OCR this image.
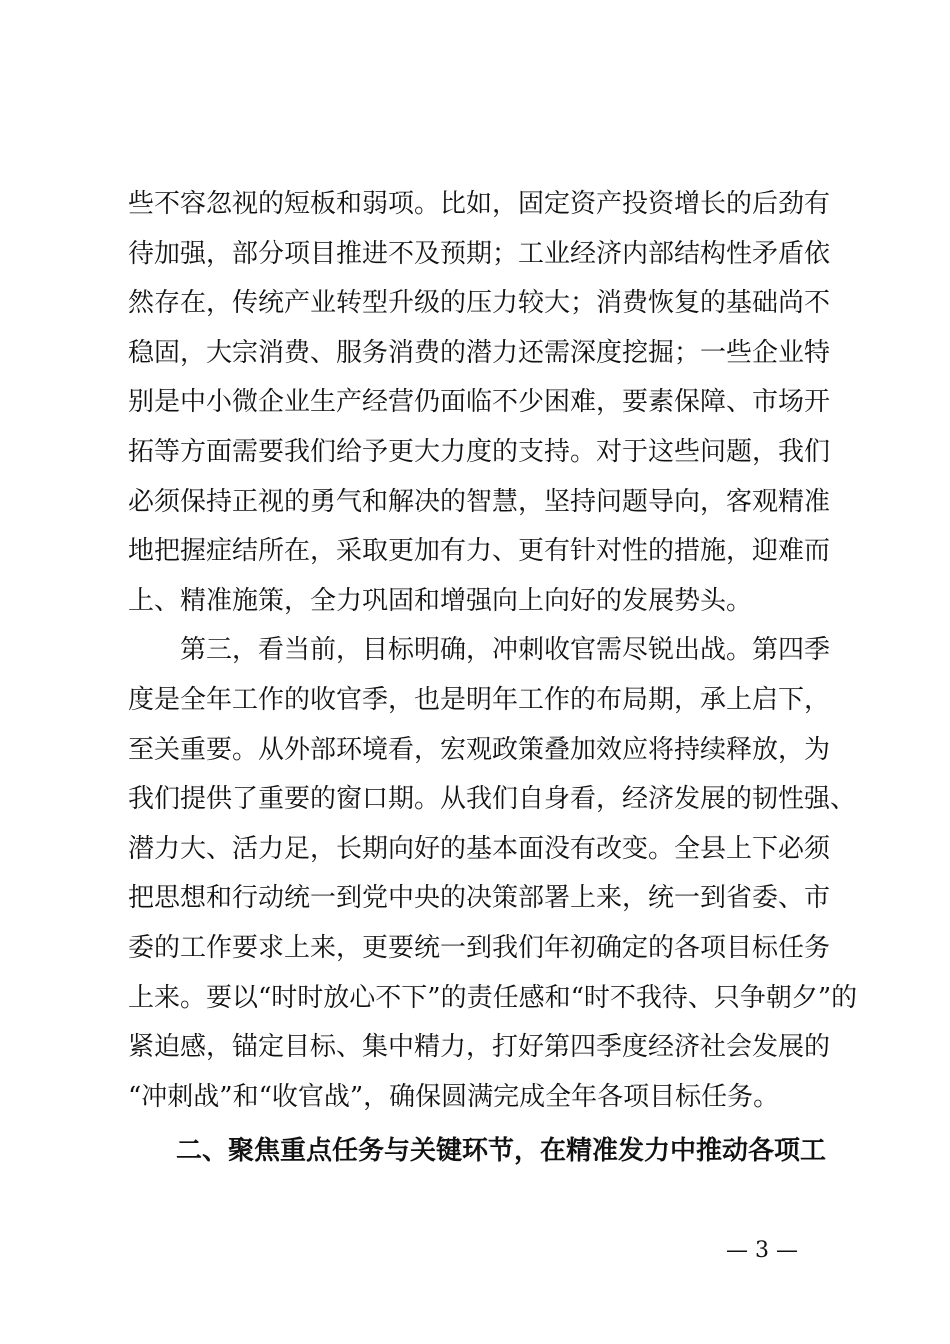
些不容忽视的短板和弱项。比如，固定资产投资增长的后劲有
待加强，部分项目推进不及预期；工业经济内部结构性矛盾依
然存在，传统产业转型升级的压力较大；消费恢复的基础尚不
稳固，大宗消费、服务消费的潜力还需深度挖掘；一些企业特
别是中小微企业生产经营仍面临不少困难，要素保障、市场开
拓等方面需要我们给予更大力度的支持。对于这些问题，我们
必须保持正视的勇气和解决的智慧，坚持问题导向，客观精准
地把握症结所在，采取更加有力、更有针对性的措施，迎难而
上、精准施策，全力巩固和增强向上向好的发展势头。
　　第三，看当前，目标明确，冲刺收官需尽锐出战。第四季
度是全年工作的收官季，也是明年工作的布局期，承上启下，
至关重要。从外部环境看，宏观政策叠加效应将持续释放，为
我们提供了重要的窗口期。从我们自身看，经济发展的韧性强、
潜力大、活力足，长期向好的基本面没有改变。全县上下必须
把思想和行动统一到党中央的决策部署上来，统一到省委、市
委的工作要求上来，更要统一到我们年初确定的各项目标任务
上来。要以“时时放心不下”的责任感和“时不我待、只争朝夕”的
紧迫感，锚定目标、集中精力，打好第四季度经济社会发展的
“冲刺战”和“收官战”，确保圆满完成全年各项目标任务。
二、聚焦重点任务与关键环节，在精准发力中推动各项工
— 3 —
